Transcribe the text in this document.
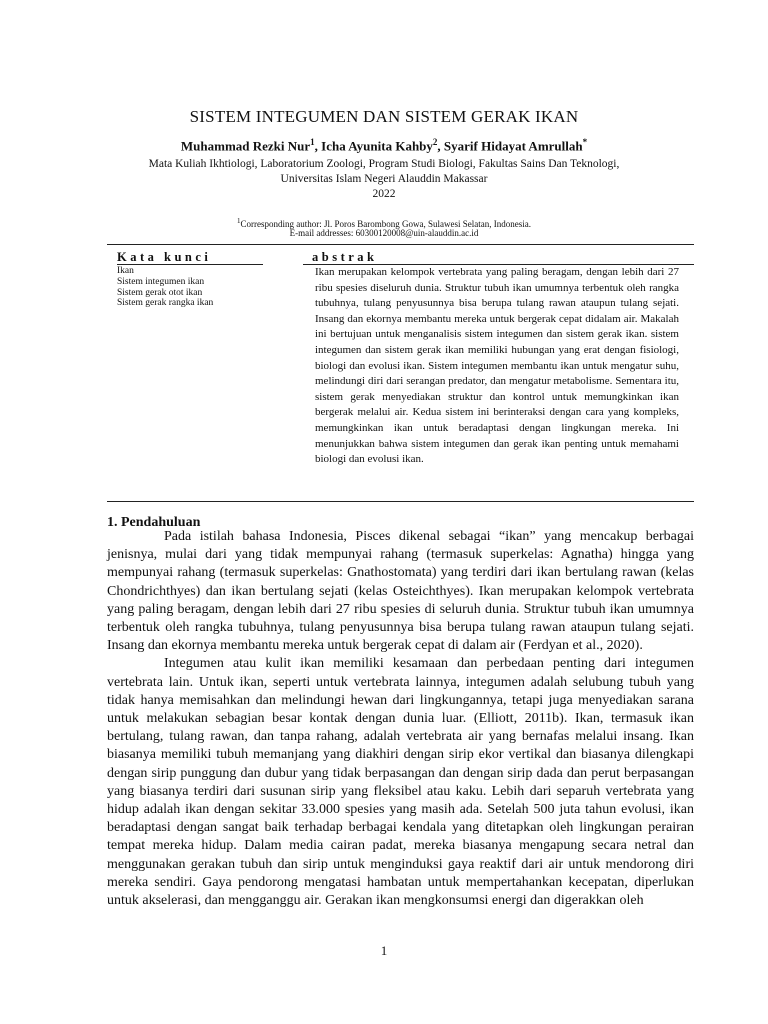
SISTEM INTEGUMEN DAN SISTEM GERAK IKAN
Muhammad Rezki Nur$^1$, Icha Ayunita Kahby$^2$, Syarif Hidayat Amrullah*
Mata Kuliah Ikhtiologi, Laboratorium Zoologi, Program Studi Biologi, Fakultas Sains Dan Teknologi,
Universitas Islam Negeri Alauddin Makassar
2022
$^1$Corresponding author: Jl. Poros Barombong Gowa, Sulawesi Selatan, Indonesia.
E-mail addresses: 60300120008@uin-alauddin.ac.id
Kata kunci	abstrak
Ikan
Sistem integumen ikan
Sistem gerak otot ikan
Sistem gerak rangka ikan
Ikan merupakan kelompok vertebrata yang paling beragam, dengan lebih dari 27 ribu spesies diseluruh dunia. Struktur tubuh ikan umumnya terbentuk oleh rangka tubuhnya, tulang penyusunnya bisa berupa tulang rawan ataupun tulang sejati. Insang dan ekornya membantu mereka untuk bergerak cepat didalam air. Makalah ini bertujuan untuk menganalisis sistem integumen dan sistem gerak ikan. sistem integumen dan sistem gerak ikan memiliki hubungan yang erat dengan fisiologi, biologi dan evolusi ikan. Sistem integumen membantu ikan untuk mengatur suhu, melindungi diri dari serangan predator, dan mengatur metabolisme. Sementara itu, sistem gerak menyediakan struktur dan kontrol untuk memungkinkan ikan bergerak melalui air. Kedua sistem ini berinteraksi dengan cara yang kompleks, memungkinkan ikan untuk beradaptasi dengan lingkungan mereka. Ini menunjukkan bahwa sistem integumen dan gerak ikan penting untuk memahami biologi dan evolusi ikan.
1. Pendahuluan

Pada istilah bahasa Indonesia, Pisces dikenal sebagai “ikan” yang mencakup berbagai jenisnya, mulai dari yang tidak mempunyai rahang (termasuk superkelas: Agnatha) hingga yang mempunyai rahang (termasuk superkelas: Gnathostomata) yang terdiri dari ikan bertulang rawan (kelas Chondrichthyes) dan ikan bertulang sejati (kelas Osteichthyes). Ikan merupakan kelompok vertebrata yang paling beragam, dengan lebih dari 27 ribu spesies di seluruh dunia. Struktur tubuh ikan umumnya terbentuk oleh rangka tubuhnya, tulang penyusunnya bisa berupa tulang rawan ataupun tulang sejati. Insang dan ekornya membantu mereka untuk bergerak cepat di dalam air (Ferdyan et al., 2020).

Integumen atau kulit ikan memiliki kesamaan dan perbedaan penting dari integumen vertebrata lain. Untuk ikan, seperti untuk vertebrata lainnya, integumen adalah selubung tubuh yang tidak hanya memisahkan dan melindungi hewan dari lingkungannya, tetapi juga menyediakan sarana untuk melakukan sebagian besar kontak dengan dunia luar. (Elliott, 2011b). Ikan, termasuk ikan bertulang, tulang rawan, dan tanpa rahang, adalah vertebrata air yang bernafas melalui insang. Ikan biasanya memiliki tubuh memanjang yang diakhiri dengan sirip ekor vertikal dan biasanya dilengkapi dengan sirip punggung dan dubur yang tidak berpasangan dan dengan sirip dada dan perut berpasangan yang biasanya terdiri dari susunan sirip yang fleksibel atau kaku. Lebih dari separuh vertebrata yang hidup adalah ikan dengan sekitar 33.000 spesies yang masih ada. Setelah 500 juta tahun evolusi, ikan beradaptasi dengan sangat baik terhadap berbagai kendala yang ditetapkan oleh lingkungan perairan tempat mereka hidup. Dalam media cairan padat, mereka biasanya mengapung secara netral dan menggunakan gerakan tubuh dan sirip untuk menginduksi gaya reaktif dari air untuk mendorong diri mereka sendiri. Gaya pendorong mengatasi hambatan untuk mempertahankan kecepatan, diperlukan untuk akselerasi, dan mengganggu air. Gerakan ikan mengkonsumsi energi dan digerakkan oleh

1
